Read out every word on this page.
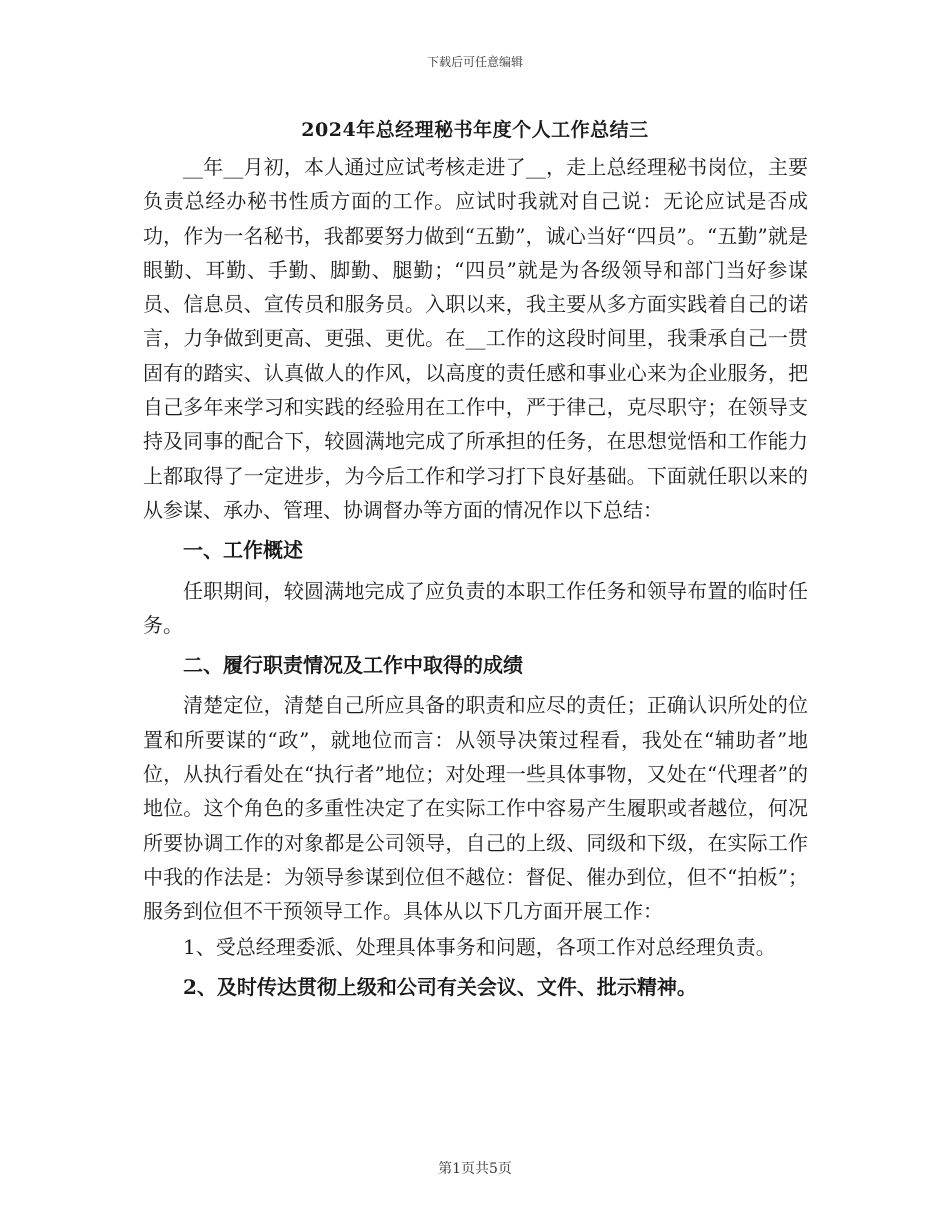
下载后可任意编辑
2024年总经理秘书年度个人工作总结三

__年__月初，本人通过应试考核走进了__，走上总经理秘书岗位，主要负责总经办秘书性质方面的工作。应试时我就对自己说：无论应试是否成功，作为一名秘书，我都要努力做到“五勤”，诚心当好“四员”。“五勤”就是眼勤、耳勤、手勤、脚勤、腿勤；“四员”就是为各级领导和部门当好参谋员、信息员、宣传员和服务员。入职以来，我主要从多方面实践着自己的诺言，力争做到更高、更强、更优。在__工作的这段时间里，我秉承自己一贯固有的踏实、认真做人的作风，以高度的责任感和事业心来为企业服务，把自己多年来学习和实践的经验用在工作中，严于律己，克尽职守；在领导支持及同事的配合下，较圆满地完成了所承担的任务，在思想觉悟和工作能力上都取得了一定进步，为今后工作和学习打下良好基础。下面就任职以来的从参谋、承办、管理、协调督办等方面的情况作以下总结：

一、工作概述

任职期间，较圆满地完成了应负责的本职工作任务和领导布置的临时任务。

二、履行职责情况及工作中取得的成绩

清楚定位，清楚自己所应具备的职责和应尽的责任；正确认识所处的位置和所要谋的“政”，就地位而言：从领导决策过程看，我处在“辅助者”地位，从执行看处在“执行者”地位；对处理一些具体事物，又处在“代理者”的地位。这个角色的多重性决定了在实际工作中容易产生履职或者越位，何况所要协调工作的对象都是公司领导，自己的上级、同级和下级，在实际工作中我的作法是：为领导参谋到位但不越位：督促、催办到位，但不“拍板”；服务到位但不干预领导工作。具体从以下几方面开展工作：

1、受总经理委派、处理具体事务和问题，各项工作对总经理负责。

2、及时传达贯彻上级和公司有关会议、文件、批示精神。

第1页共5页
